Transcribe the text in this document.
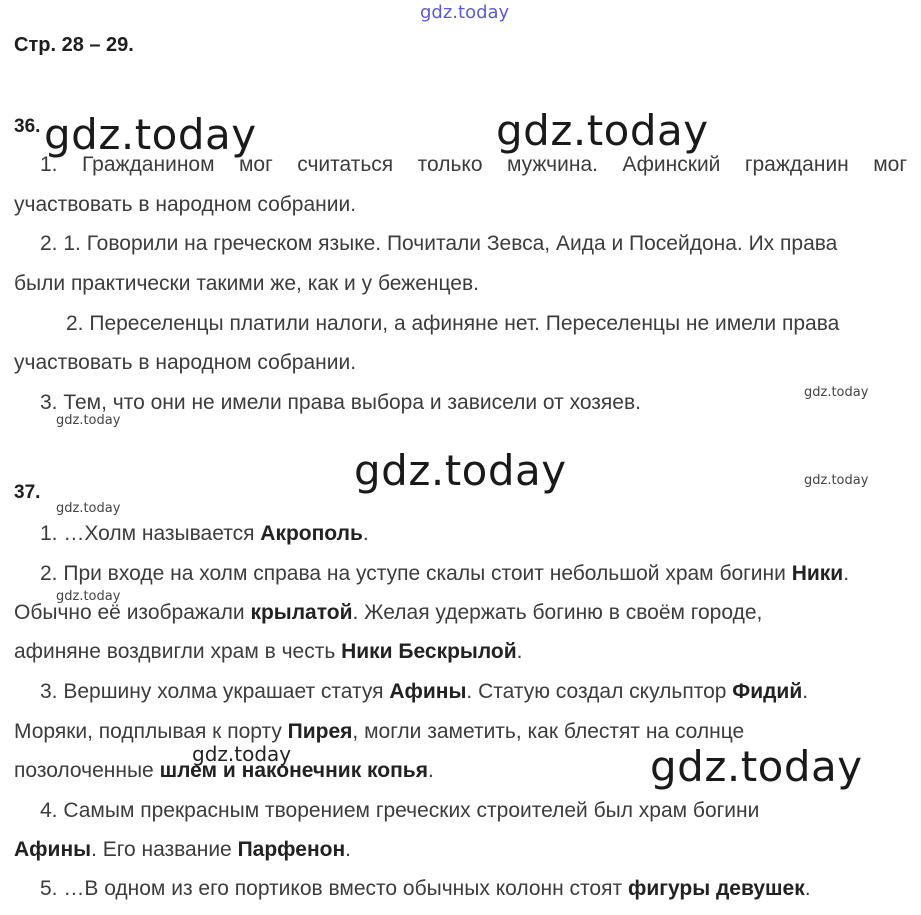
gdz.today
gdz.today	gdz.today
gdz.today
gdz.today
gdz.today	gdz.today
gdz.today
gdz.today
gdz.today	gdz.today
Стр. 28 – 29.
36.
1. Гражданином мог считаться только мужчина. Афинский гражданин мог
участвовать в народном собрании.
2. 1. Говорили на греческом языке. Почитали Зевса, Аида и Посейдона. Их права
были практически такими же, как и у беженцев.
2. Переселенцы платили налоги, а афиняне нет. Переселенцы не имели права
участвовать в народном собрании.
3. Тем, что они не имели права выбора и зависели от хозяев.
37.
1. …Холм называется Акрополь.
2. При входе на холм справа на уступе скалы стоит небольшой храм богини Ники.
Обычно её изображали крылатой. Желая удержать богиню в своём городе,
афиняне воздвигли храм в честь Ники Бескрылой.
3. Вершину холма украшает статуя Афины. Статую создал скульптор Фидий.
Моряки, подплывая к порту Пирея, могли заметить, как блестят на солнце
позолоченные шлем и наконечник копья.
4. Самым прекрасным творением греческих строителей был храм богини
Афины. Его название Парфенон.
5. …В одном из его портиков вместо обычных колонн стоят фигуры девушек.
